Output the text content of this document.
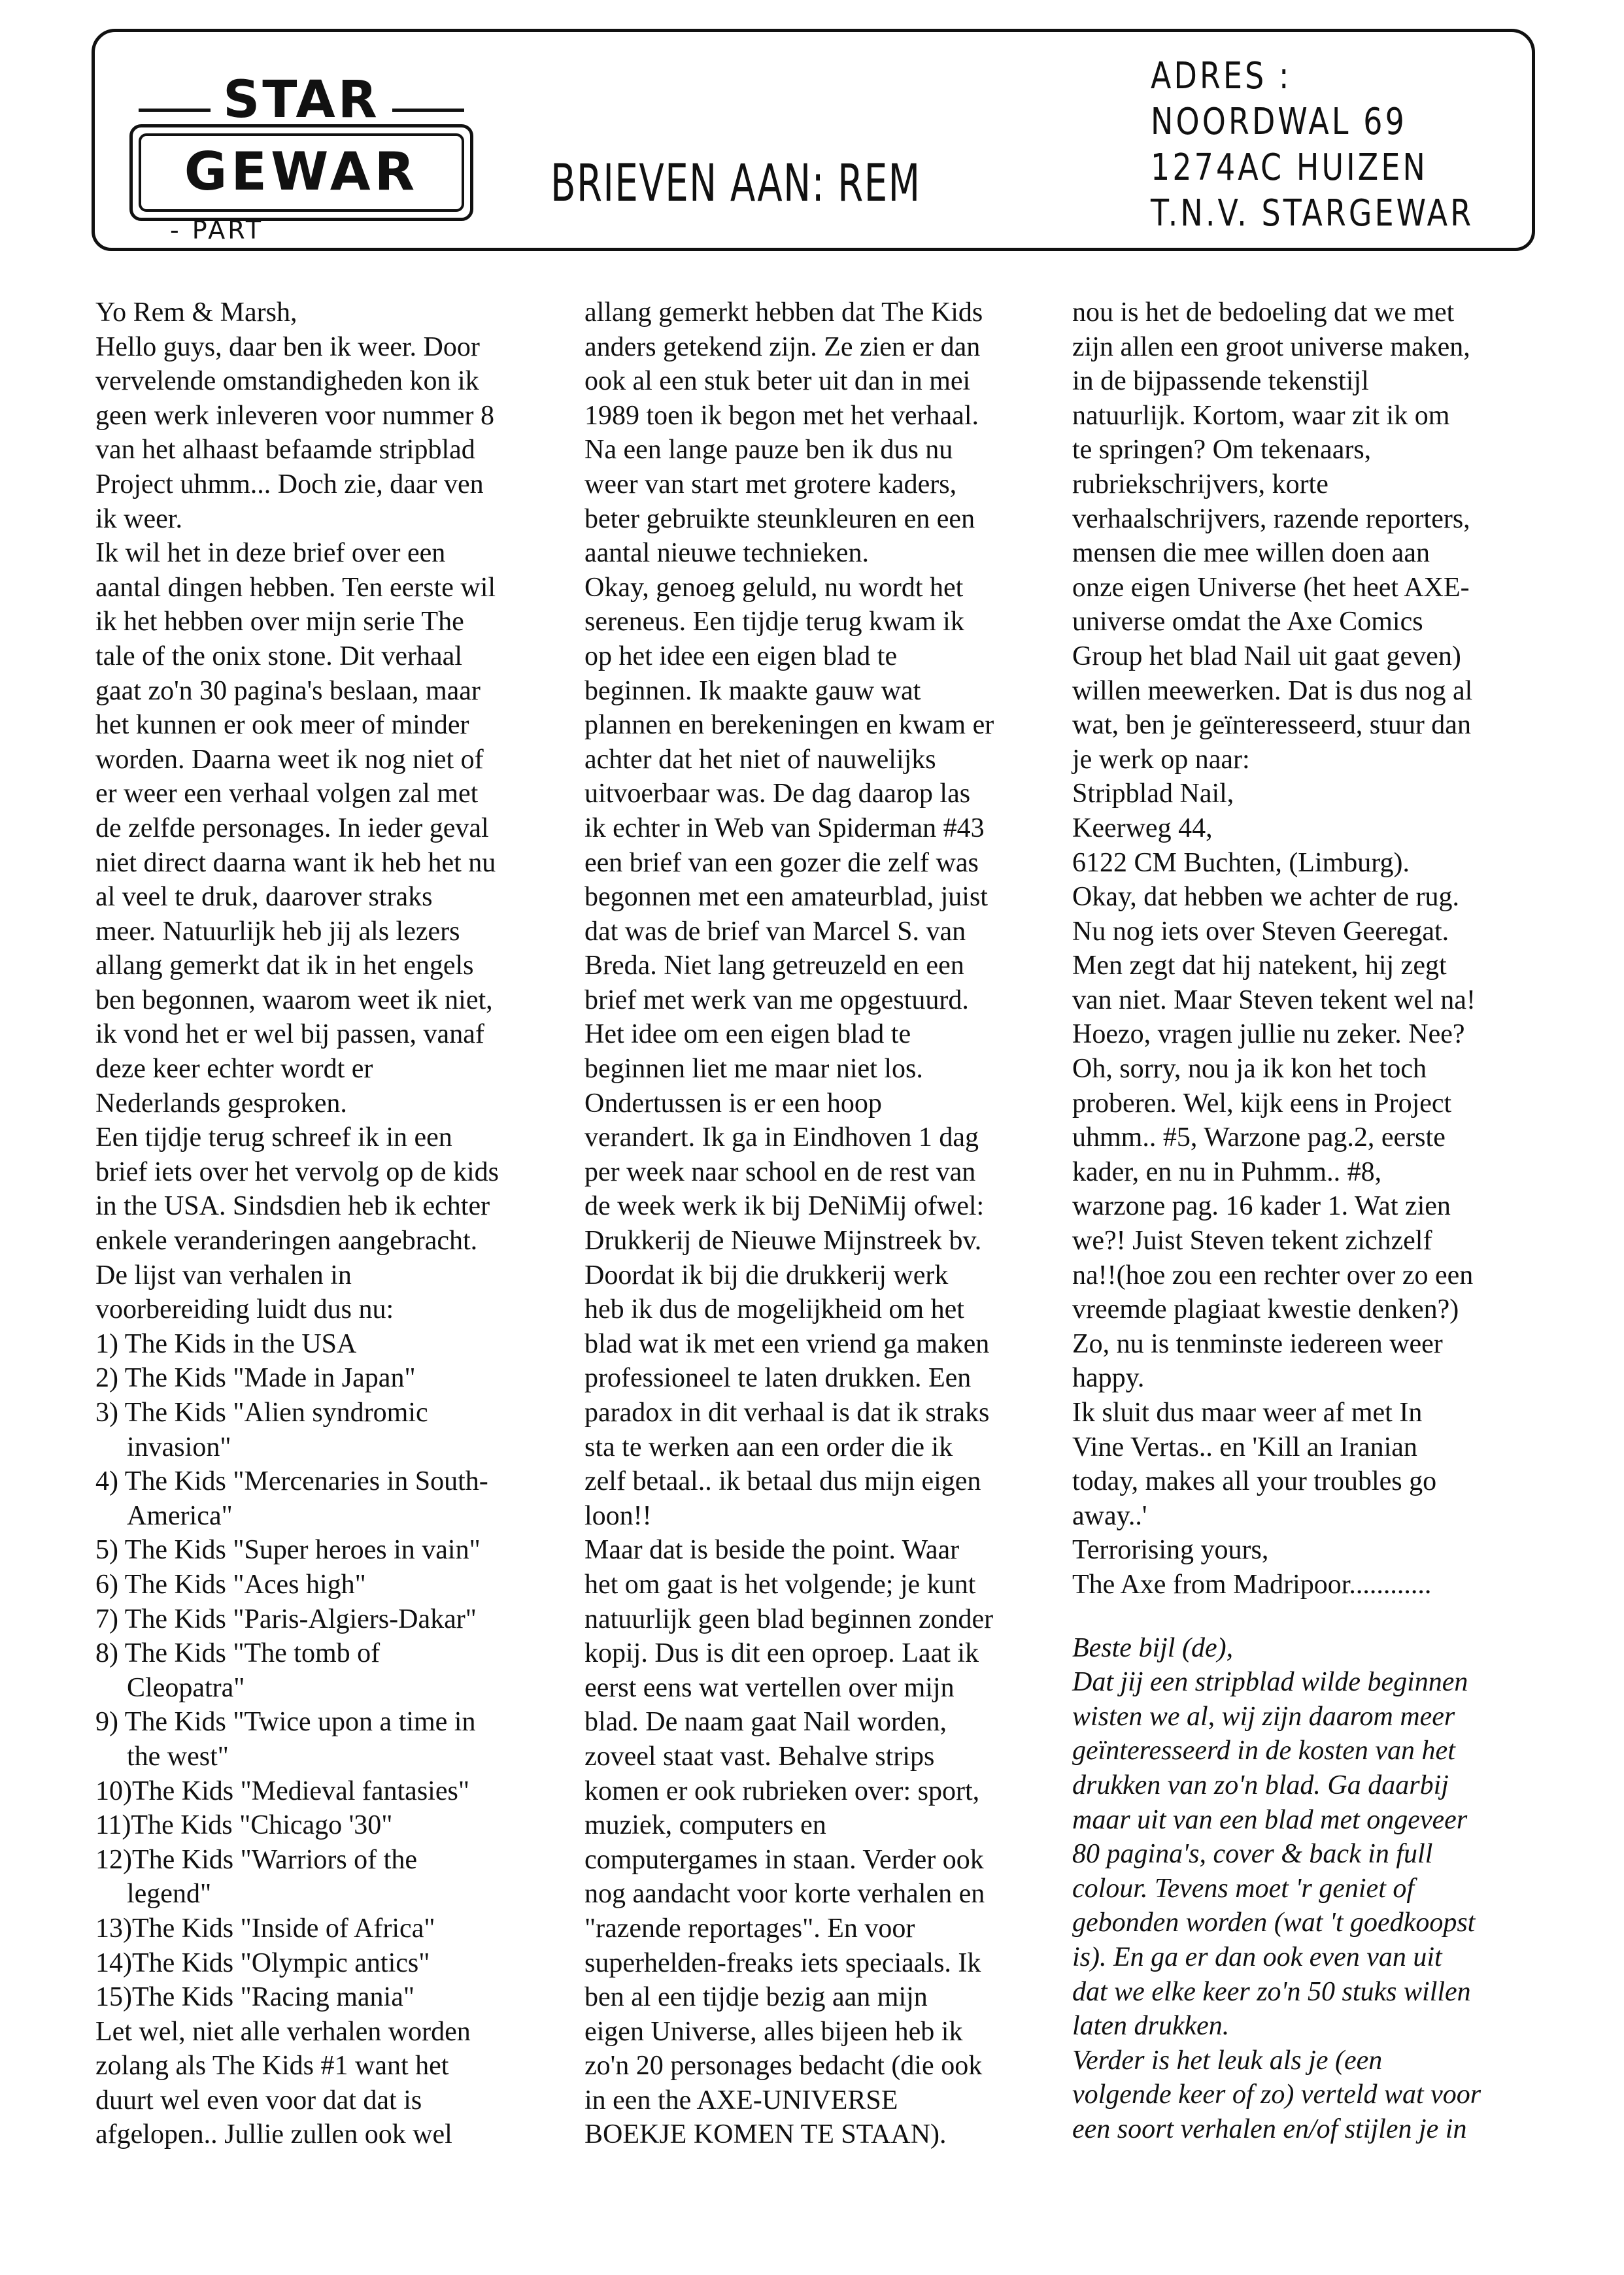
STAR
GEWAR
- PART
BRIEVEN AAN: REM
ADRES :
NOORDWAL 69
1274AC HUIZEN
T.N.V. STARGEWAR

Yo Rem & Marsh,

Hello guys, daar ben ik weer. Door

vervelende omstandigheden kon ik

geen werk inleveren voor nummer 8

van het alhaast befaamde stripblad

Project uhmm... Doch zie, daar ven

ik weer.

Ik wil het in deze brief over een

aantal dingen hebben. Ten eerste wil

ik het hebben over mijn serie The

tale of the onix stone. Dit verhaal

gaat zo'n 30 pagina's beslaan, maar

het kunnen er ook meer of minder

worden. Daarna weet ik nog niet of

er weer een verhaal volgen zal met

de zelfde personages. In ieder geval

niet direct daarna want ik heb het nu

al veel te druk, daarover straks

meer. Natuurlijk heb jij als lezers

allang gemerkt dat ik in het engels

ben begonnen, waarom weet ik niet,

ik vond het er wel bij passen, vanaf

deze keer echter wordt er

Nederlands gesproken.

Een tijdje terug schreef ik in een

brief iets over het vervolg op de kids

in the USA. Sindsdien heb ik echter

enkele veranderingen aangebracht.

De lijst van verhalen in

voorbereiding luidt dus nu:

1) The Kids in the USA

2) The Kids "Made in Japan"

3) The Kids "Alien syndromic

invasion"

4) The Kids "Mercenaries in South-

America"

5) The Kids "Super heroes in vain"

6) The Kids "Aces high"

7) The Kids "Paris-Algiers-Dakar"

8) The Kids "The tomb of

Cleopatra"

9) The Kids "Twice upon a time in

the west"

10)The Kids "Medieval fantasies"

11)The Kids "Chicago '30"

12)The Kids "Warriors of the

legend"

13)The Kids "Inside of Africa"

14)The Kids "Olympic antics"

15)The Kids "Racing mania"

Let wel, niet alle verhalen worden

zolang als The Kids #1 want het

duurt wel even voor dat dat is

afgelopen.. Jullie zullen ook wel

allang gemerkt hebben dat The Kids

anders getekend zijn. Ze zien er dan

ook al een stuk beter uit dan in mei

1989 toen ik begon met het verhaal.

Na een lange pauze ben ik dus nu

weer van start met grotere kaders,

beter gebruikte steunkleuren en een

aantal nieuwe technieken.

Okay, genoeg geluld, nu wordt het

sereneus. Een tijdje terug kwam ik

op het idee een eigen blad te

beginnen. Ik maakte gauw wat

plannen en berekeningen en kwam er

achter dat het niet of nauwelijks

uitvoerbaar was. De dag daarop las

ik echter in Web van Spiderman #43

een brief van een gozer die zelf was

begonnen met een amateurblad, juist

dat was de brief van Marcel S. van

Breda. Niet lang getreuzeld en een

brief met werk van me opgestuurd.

Het idee om een eigen blad te

beginnen liet me maar niet los.

Ondertussen is er een hoop

verandert. Ik ga in Eindhoven 1 dag

per week naar school en de rest van

de week werk ik bij DeNiMij ofwel:

Drukkerij de Nieuwe Mijnstreek bv.

Doordat ik bij die drukkerij werk

heb ik dus de mogelijkheid om het

blad wat ik met een vriend ga maken

professioneel te laten drukken. Een

paradox in dit verhaal is dat ik straks

sta te werken aan een order die ik

zelf betaal.. ik betaal dus mijn eigen

loon!!

Maar dat is beside the point. Waar

het om gaat is het volgende; je kunt

natuurlijk geen blad beginnen zonder

kopij. Dus is dit een oproep. Laat ik

eerst eens wat vertellen over mijn

blad. De naam gaat Nail worden,

zoveel staat vast. Behalve strips

komen er ook rubrieken over: sport,

muziek, computers en

computergames in staan. Verder ook

nog aandacht voor korte verhalen en

"razende reportages". En voor

superhelden-freaks iets speciaals. Ik

ben al een tijdje bezig aan mijn

eigen Universe, alles bijeen heb ik

zo'n 20 personages bedacht (die ook

in een the AXE-UNIVERSE

BOEKJE KOMEN TE STAAN).

nou is het de bedoeling dat we met

zijn allen een groot universe maken,

in de bijpassende tekenstijl

natuurlijk. Kortom, waar zit ik om

te springen? Om tekenaars,

rubriekschrijvers, korte

verhaalschrijvers, razende reporters,

mensen die mee willen doen aan

onze eigen Universe (het heet AXE-

universe omdat the Axe Comics

Group het blad Nail uit gaat geven)

willen meewerken. Dat is dus nog al

wat, ben je geïnteresseerd, stuur dan

je werk op naar:

Stripblad Nail,

Keerweg 44,

6122 CM Buchten, (Limburg).

Okay, dat hebben we achter de rug.

Nu nog iets over Steven Geeregat.

Men zegt dat hij natekent, hij zegt

van niet. Maar Steven tekent wel na!

Hoezo, vragen jullie nu zeker. Nee?

Oh, sorry, nou ja ik kon het toch

proberen. Wel, kijk eens in Project

uhmm.. #5, Warzone pag.2, eerste

kader, en nu in Puhmm.. #8,

warzone pag. 16 kader 1. Wat zien

we?! Juist Steven tekent zichzelf

na!!(hoe zou een rechter over zo een

vreemde plagiaat kwestie denken?)

Zo, nu is tenminste iedereen weer

happy.

Ik sluit dus maar weer af met In

Vine Vertas.. en 'Kill an Iranian

today, makes all your troubles go

away..'

Terrorising yours,

The Axe from Madripoor............

Beste bijl (de),

Dat jij een stripblad wilde beginnen

wisten we al, wij zijn daarom meer

geïnteresseerd in de kosten van het

drukken van zo'n blad. Ga daarbij

maar uit van een blad met ongeveer

80 pagina's, cover & back in full

colour. Tevens moet 'r geniet of

gebonden worden (wat 't goedkoopst

is). En ga er dan ook even van uit

dat we elke keer zo'n 50 stuks willen

laten drukken.

Verder is het leuk als je (een

volgende keer of zo) verteld wat voor

een soort verhalen en/of stijlen je in
